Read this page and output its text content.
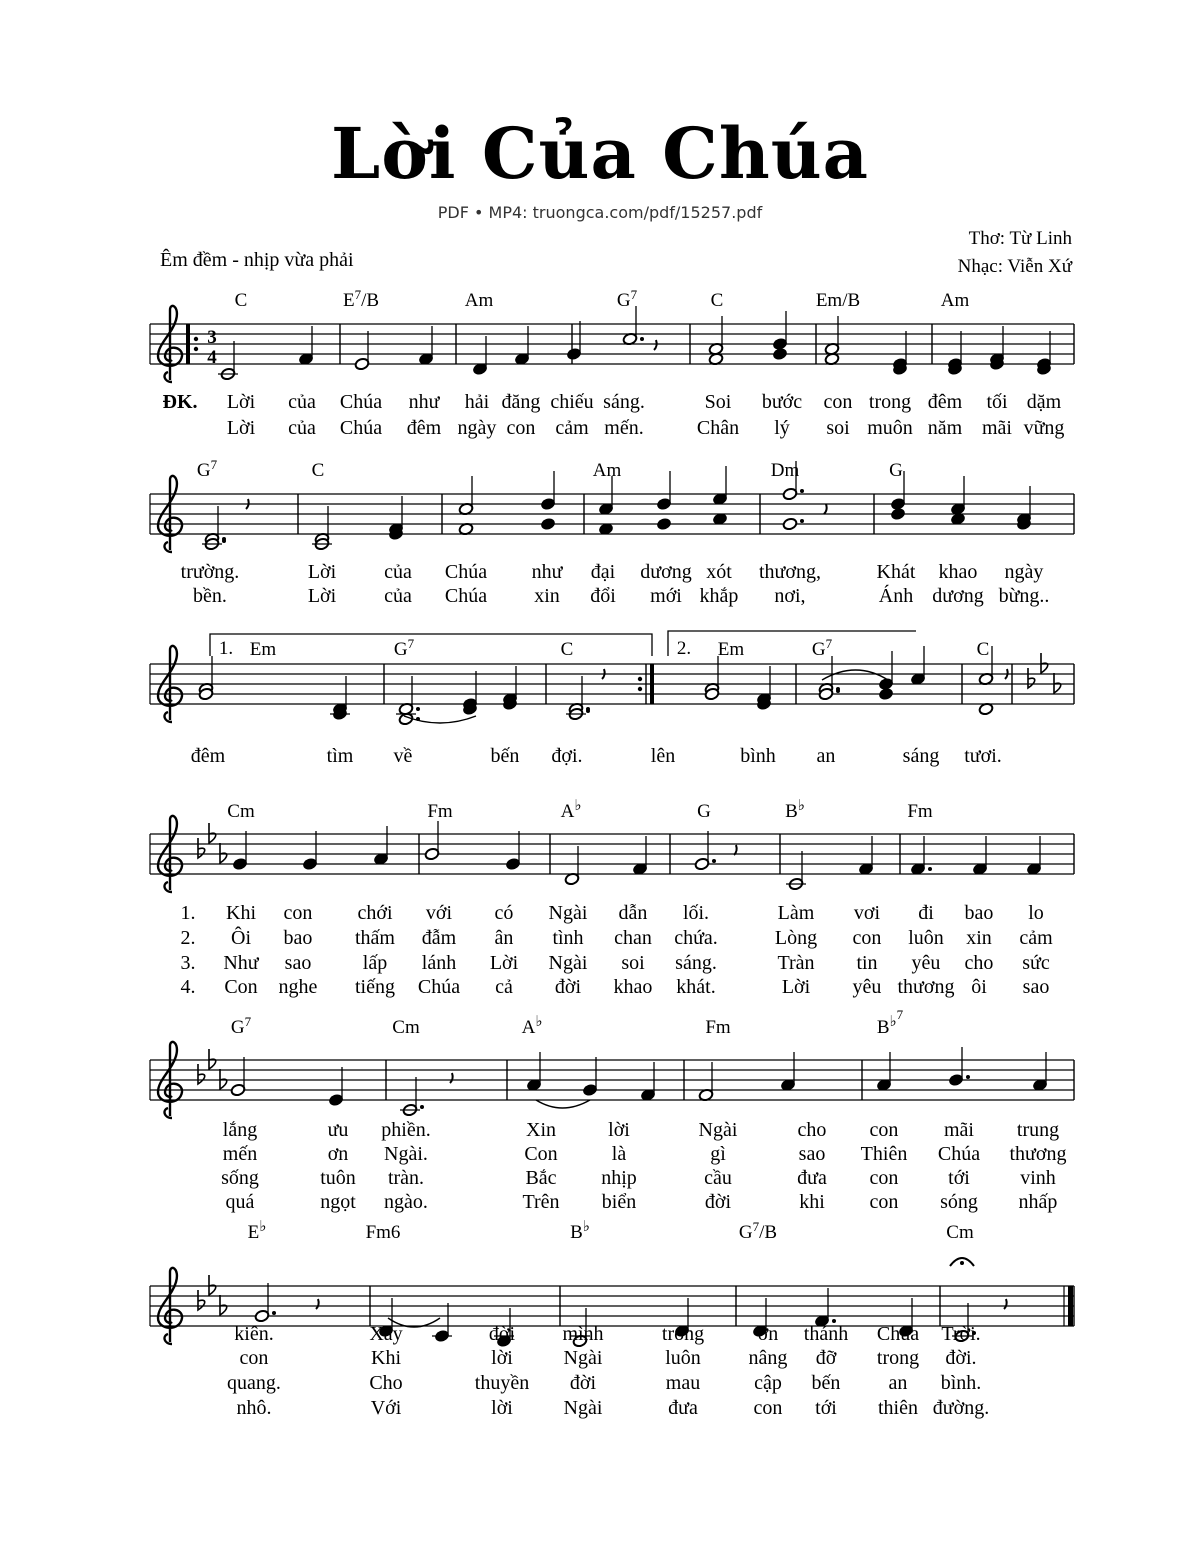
Lời Của Chúa
PDF • MP4: truongca.com/pdf/15257.pdf
Thơ: Từ Linh
Nhạc: Viễn Xứ
Êm đềm - nhịp vừa phải
3
4
C	$E^7/B$	Am	$G^7$	C	Em/B	Am
Lời của Chúa như hải đăng chiếu sáng.	Soi bước con trong đêm tối dặm
Lời của Chúa đêm ngày con cảm mến.	Chân lý soi muôn năm mãi vững
ĐK.
$G^7$	C	Am	Dm	G
trường.	Lời của Chúa như đại dương xót thương,	Khát khao ngày
bền.	Lời của Chúa xin đổi mới khắp nơi,	Ánh dương bừng..
Em	$G^7$	C	Em	$G^7$	C
đêm	tìm về	bến đợi.	lên	bình an	sáng tươi.
Cm	Fm	A♭	G	B♭	Fm
Khi con chới với có Ngài dẫn lối.	Làm vơi đi bao lo
Ôi bao thấm đẫm ân tình chan chứa.	Lòng con luôn xin cảm
Như sao	lấp lánh Lời Ngài soi sáng.	Tràn tin yêu cho sức
Con nghe tiếng Chúa cả đời khao khát.	Lời yêu thương ôi sao
1.
2.
3.
4.
$G^7$	Cm	A♭	Fm	$B^{♭7}$
lắng	ưu phiền.	Xin	lời	Ngài	cho con mãi trung
mến	ơn Ngài.	Con	là	gì	sao Thiên Chúa thương
sống	tuôn tràn.	Bắc nhịp	cầu	đưa con tới	vinh
quá	ngọt ngào.	Trên biển	đời	khi con sóng nhấp
E♭	Fm6	B♭	$G^7/B$	Cm
kiên.	Xây	đời mình	trong	ơn thánh Chúa Trời.
con	Khi	lời	Ngài	luôn nâng đỡ trong đời.
quang.	Cho	thuyền đời	mau	cập bến an bình.
nhô.	Với	lời	Ngài	đưa	con tới thiên đường.
1.	2.
